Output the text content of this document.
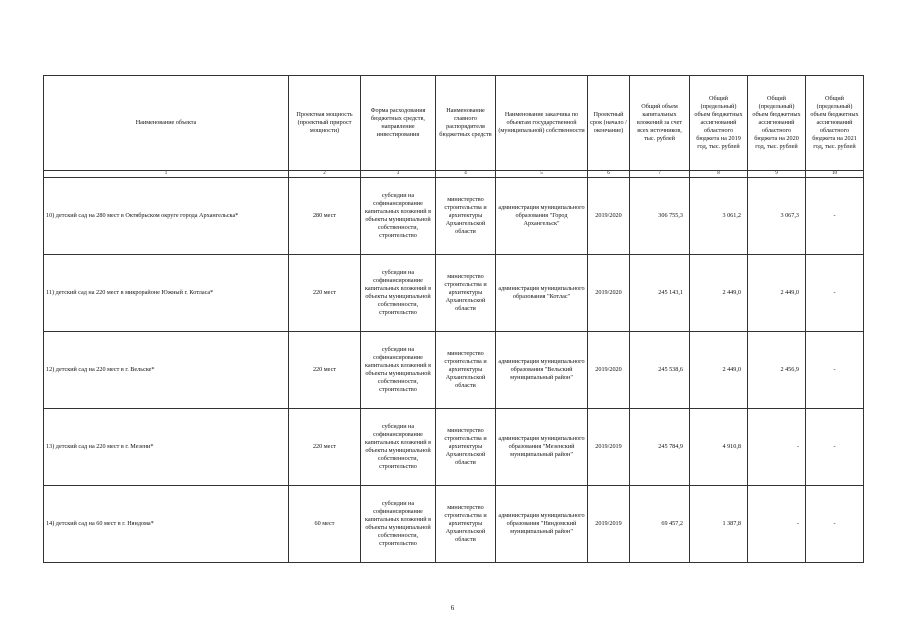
Наименование объекта	Проектная мощность (проектный прирост мощности)	Форма расходования бюджетных средств, направление инвестирования	Наименование главного распорядителя бюджетных средств	Наименование заказчика по объектам государственной (муниципальной) собственности	Проектный срок (начало / окончание)	Общий объем капитальных вложений за счет всех источников, тыс. рублей	Общий (предельный) объем бюджетных ассигнований областного бюджета на 2019 год, тыс. рублей	Общий (предельный) объем бюджетных ассигнований областного бюджета на 2020 год, тыс. рублей	Общий (предельный) объем бюджетных ассигнований областного бюджета на 2021 год, тыс. рублей
1	2	3	4	5	6	7	8	9	10
10) детский сад на 280 мест в Октябрьском округе города Архангельска*	280 мест	субсидии на софинансирование капитальных вложений в объекты муниципальной собственности, строительство	министерство строительства и архитектуры Архангельской области	администрация муниципального образования "Город Архангельск"	2019/2020	306 755,3	3 061,2	3 067,3	-
11) детский сад на 220 мест в микрорайоне Южный г. Котласа*	220 мест	субсидии на софинансирование капитальных вложений в объекты муниципальной собственности, строительство	министерство строительства и архитектуры Архангельской области	администрация муниципального образования "Котлас"	2019/2020	245 143,1	2 449,0	2 449,0	-
12) детский сад на 220 мест в г. Вельске*	220 мест	субсидии на софинансирование капитальных вложений в объекты муниципальной собственности, строительство	министерство строительства и архитектуры Архангельской области	администрация муниципального образования "Вельский муниципальный район"	2019/2020	245 538,6	2 449,0	2 456,9	-
13) детский сад на 220 мест в г. Мезени*	220 мест	субсидии на софинансирование капитальных вложений в объекты муниципальной собственности, строительство	министерство строительства и архитектуры Архангельской области	администрация муниципального образования "Мезенский муниципальный район"	2019/2019	245 784,9	4 910,8	-	-
14) детский сад на 60 мест в г. Няндома*	60 мест	субсидии на софинансирование капитальных вложений в объекты муниципальной собственности, строительство	министерство строительства и архитектуры Архангельской области	администрация муниципального образования "Няндомский муниципальный район"	2019/2019	69 457,2	1 387,8	-	-
6
